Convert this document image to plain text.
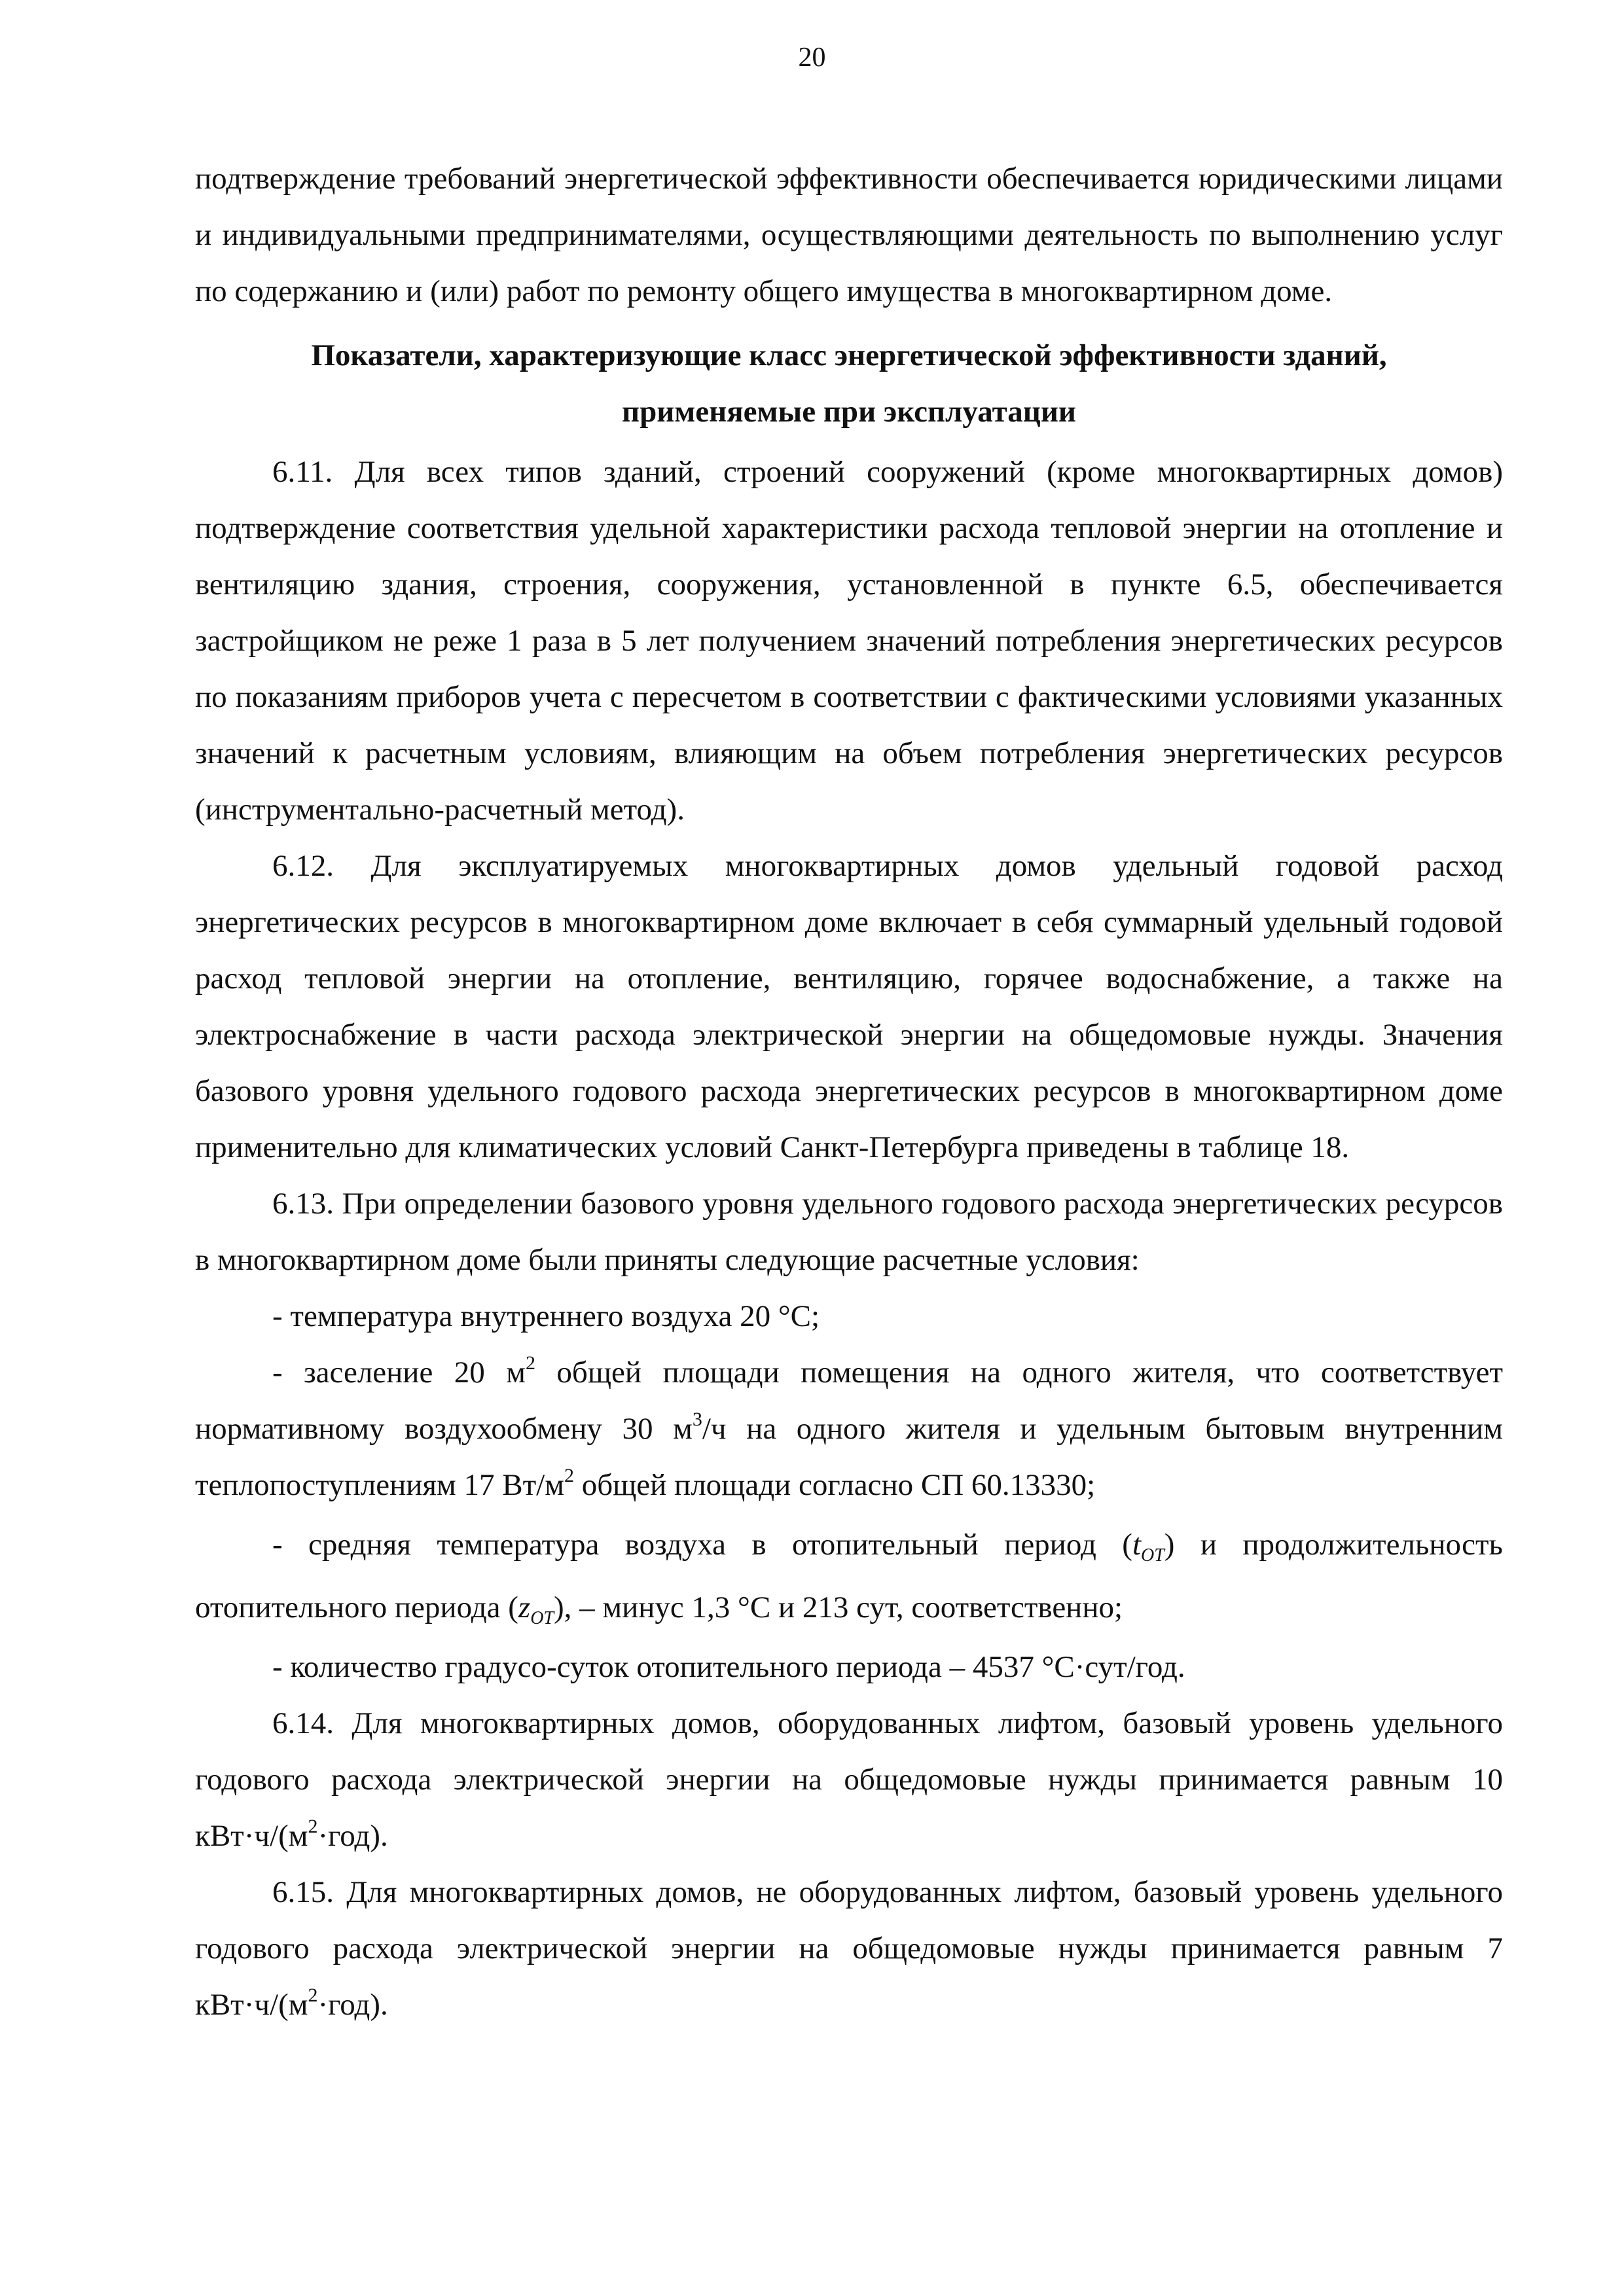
20

подтверждение требований энергетической эффективности обеспечивается юридическими лицами и индивидуальными предпринимателями, осуществляющими деятельность по выполнению услуг по содержанию и (или) работ по ремонту общего имущества в многоквартирном доме.

Показатели, характеризующие класс энергетической эффективности зданий,
применяемые при эксплуатации

6.11. Для всех типов зданий, строений сооружений (кроме многоквартирных домов) подтверждение соответствия удельной характеристики расхода тепловой энергии на отопление и вентиляцию здания, строения, сооружения, установленной в пункте 6.5, обеспечивается застройщиком не реже 1 раза в 5 лет получением значений потребления энергетических ресурсов по показаниям приборов учета с пересчетом в соответствии с фактическими условиями указанных значений к расчетным условиям, влияющим на объем потребления энергетических ресурсов (инструментально-расчетный метод).

6.12. Для эксплуатируемых многоквартирных домов удельный годовой расход энергетических ресурсов в многоквартирном доме включает в себя суммарный удельный годовой расход тепловой энергии на отопление, вентиляцию, горячее водоснабжение, а также на электроснабжение в части расхода электрической энергии на общедомовые нужды. Значения базового уровня удельного годового расхода энергетических ресурсов в многоквартирном доме применительно для климатических условий Санкт-Петербурга приведены в таблице 18.

6.13. При определении базового уровня удельного годового расхода энергетических ресурсов в многоквартирном доме были приняты следующие расчетные условия:

- температура внутреннего воздуха 20 °С;

- заселение 20 $м^2$ общей площади помещения на одного жителя, что соответствует нормативному воздухообмену 30 $м^3/ч$ на одного жителя и удельным бытовым внутренним теплопоступлениям 17 $Вт/м^2$ общей площади согласно СП 60.13330;

- средняя температура воздуха в отопительный период $(t_{OT})$ и продолжительность отопительного периода $(z_{OT})$, – минус 1,3 °С и 213 сут, соответственно;

- количество градусо-суток отопительного периода – 4537 °С·сут/год.

6.14. Для многоквартирных домов, оборудованных лифтом, базовый уровень удельного годового расхода электрической энергии на общедомовые нужды принимается равным 10 $кВт\cdot ч/(м^2\cdot год)$.

6.15. Для многоквартирных домов, не оборудованных лифтом, базовый уровень удельного годового расхода электрической энергии на общедомовые нужды принимается равным 7 $кВт\cdot ч/(м^2\cdot год)$.
